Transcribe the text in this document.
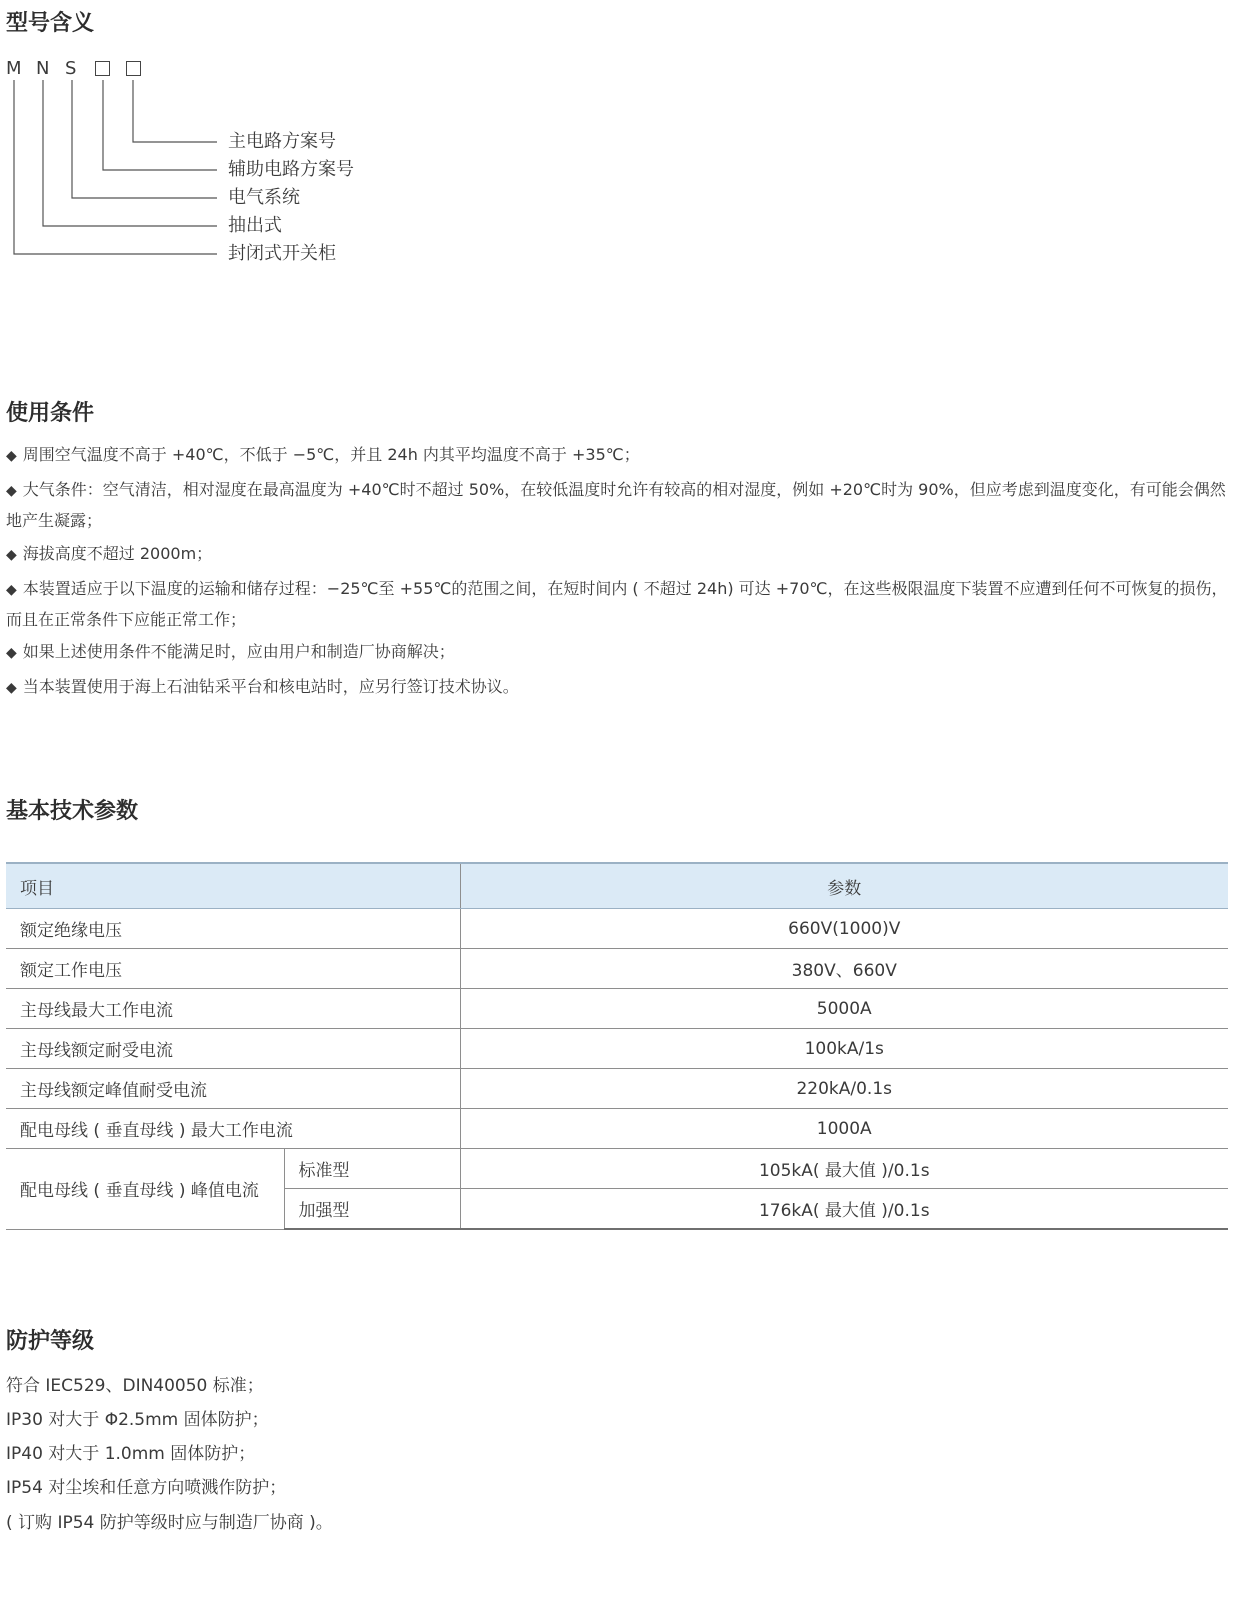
型号含义
M N S
主电路方案号
辅助电路方案号
电气系统
抽出式
封闭式开关柜
使用条件

◆ 周围空气温度不高于 +40℃，不低于 −5℃，并且 24h 内其平均温度不高于 +35℃；

◆ 大气条件：空气清洁，相对湿度在最高温度为 +40℃时不超过 50%，在较低温度时允许有较高的相对湿度，例如 +20℃时为 90%，但应考虑到温度变化，有可能会偶然地产生凝露；

◆ 海拔高度不超过 2000m；

◆ 本装置适应于以下温度的运输和储存过程：−25℃至 +55℃的范围之间，在短时间内 ( 不超过 24h) 可达 +70℃，在这些极限温度下装置不应遭到任何不可恢复的损伤，而且在正常条件下应能正常工作；

◆ 如果上述使用条件不能满足时，应由用户和制造厂协商解决；

◆ 当本装置使用于海上石油钻采平台和核电站时，应另行签订技术协议。

基本技术参数
项目		参数
额定绝缘电压		660V(1000)V
额定工作电压		380V、660V
主母线最大工作电流		5000A
主母线额定耐受电流		100kA/1s
主母线额定峰值耐受电流		220kA/0.1s
配电母线 ( 垂直母线 ) 最大工作电流		1000A
配电母线 ( 垂直母线 ) 峰值电流	标准型	105kA( 最大值 )/0.1s
	加强型	176kA( 最大值 )/0.1s
防护等级

符合 IEC529、DIN40050 标准；

IP30 对大于 Φ2.5mm 固体防护；

IP40 对大于 1.0mm 固体防护；

IP54 对尘埃和任意方向喷溅作防护；

( 订购 IP54 防护等级时应与制造厂协商 )。
